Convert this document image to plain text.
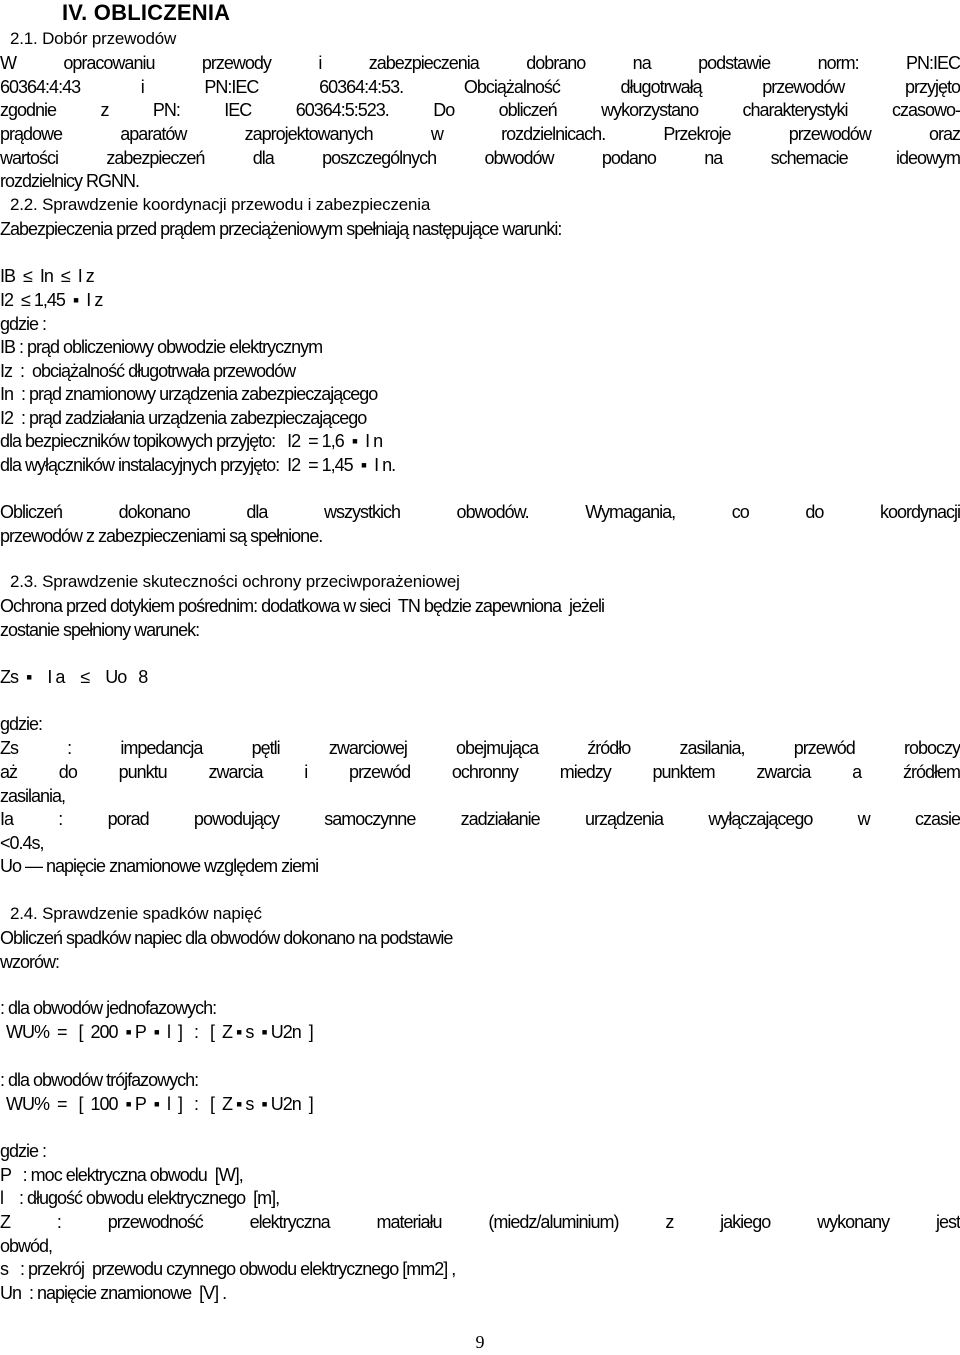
IV. OBLICZENIA
2.1. Dobór przewodów
W opracowaniu przewody i zabezpieczenia dobrano na podstawie norm: PN:IEC
60364:4:43 i PN:IEC 60364:4:53. Obciążalność długotrwałą przewodów przyjęto
zgodnie z PN: IEC 60364:5:523. Do obliczeń wykorzystano charakterystyki czasowo-
prądowe aparatów zaprojektowanych w rozdzielnicach. Przekroje przewodów oraz
wartości zabezpieczeń dla poszczególnych obwodów podano na schemacie ideowym
rozdzielnicy RGNN.
2.2. Sprawdzenie koordynacji przewodu i zabezpieczenia
Zabezpieczenia przed prądem przeciążeniowym spełniają następujące warunki:
IB  ≤  In  ≤  I z
I2  ≤ 1,45  ▪  I z
gdzie :
IB : prąd obliczeniowy obwodzie elektrycznym
Iz  :  obciążalność długotrwała przewodów
In  : prąd znamionowy urządzenia zabezpieczającego
I2  : prąd zadziałania urządzenia zabezpieczającego
dla bezpieczników topikowych przyjęto:   I2  = 1,6  ▪  I n
dla wyłączników instalacyjnych przyjęto:  I2  = 1,45  ▪  I n.
Obliczeń dokonano dla wszystkich obwodów. Wymagania, co do koordynacji
przewodów z zabezpieczeniami są spełnione.
2.3. Sprawdzenie skuteczności ochrony przeciwporażeniowej
Ochrona przed dotykiem pośrednim: dodatkowa w sieci  TN będzie zapewniona  jeżeli
zostanie spełniony warunek:
Zs  ▪    I a    ≤    Uo   8
gdzie:
Zs : impedancja pętli zwarciowej obejmująca źródło zasilania, przewód roboczy
aż do punktu zwarcia i przewód ochronny miedzy punktem zwarcia a źródłem
zasilania,
Ia : porad powodujący samoczynne zadziałanie urządzenia wyłączającego w czasie
<0.4s,
Uo — napięcie znamionowe względem ziemi
2.4. Sprawdzenie spadków napięć
Obliczeń spadków napiec dla obwodów dokonano na podstawie
wzorów:
: dla obwodów jednofazowych:
WU%  =   [  200  ▪ P  ▪  l  ]   :   [  Z ▪ s  ▪ U2n  ]
: dla obwodów trójfazowych:
WU%  =   [  100  ▪ P  ▪  l  ]   :   [  Z ▪ s  ▪ U2n  ]
gdzie :
P   : moc elektryczna obwodu  [W],
l    : długość obwodu elektrycznego  [m],
Z : przewodność elektryczna materiału (miedz/aluminium) z jakiego wykonany jest
obwód,
s   : przekrój  przewodu czynnego obwodu elektrycznego [mm2] ,
Un  : napięcie znamionowe  [V] .
9
